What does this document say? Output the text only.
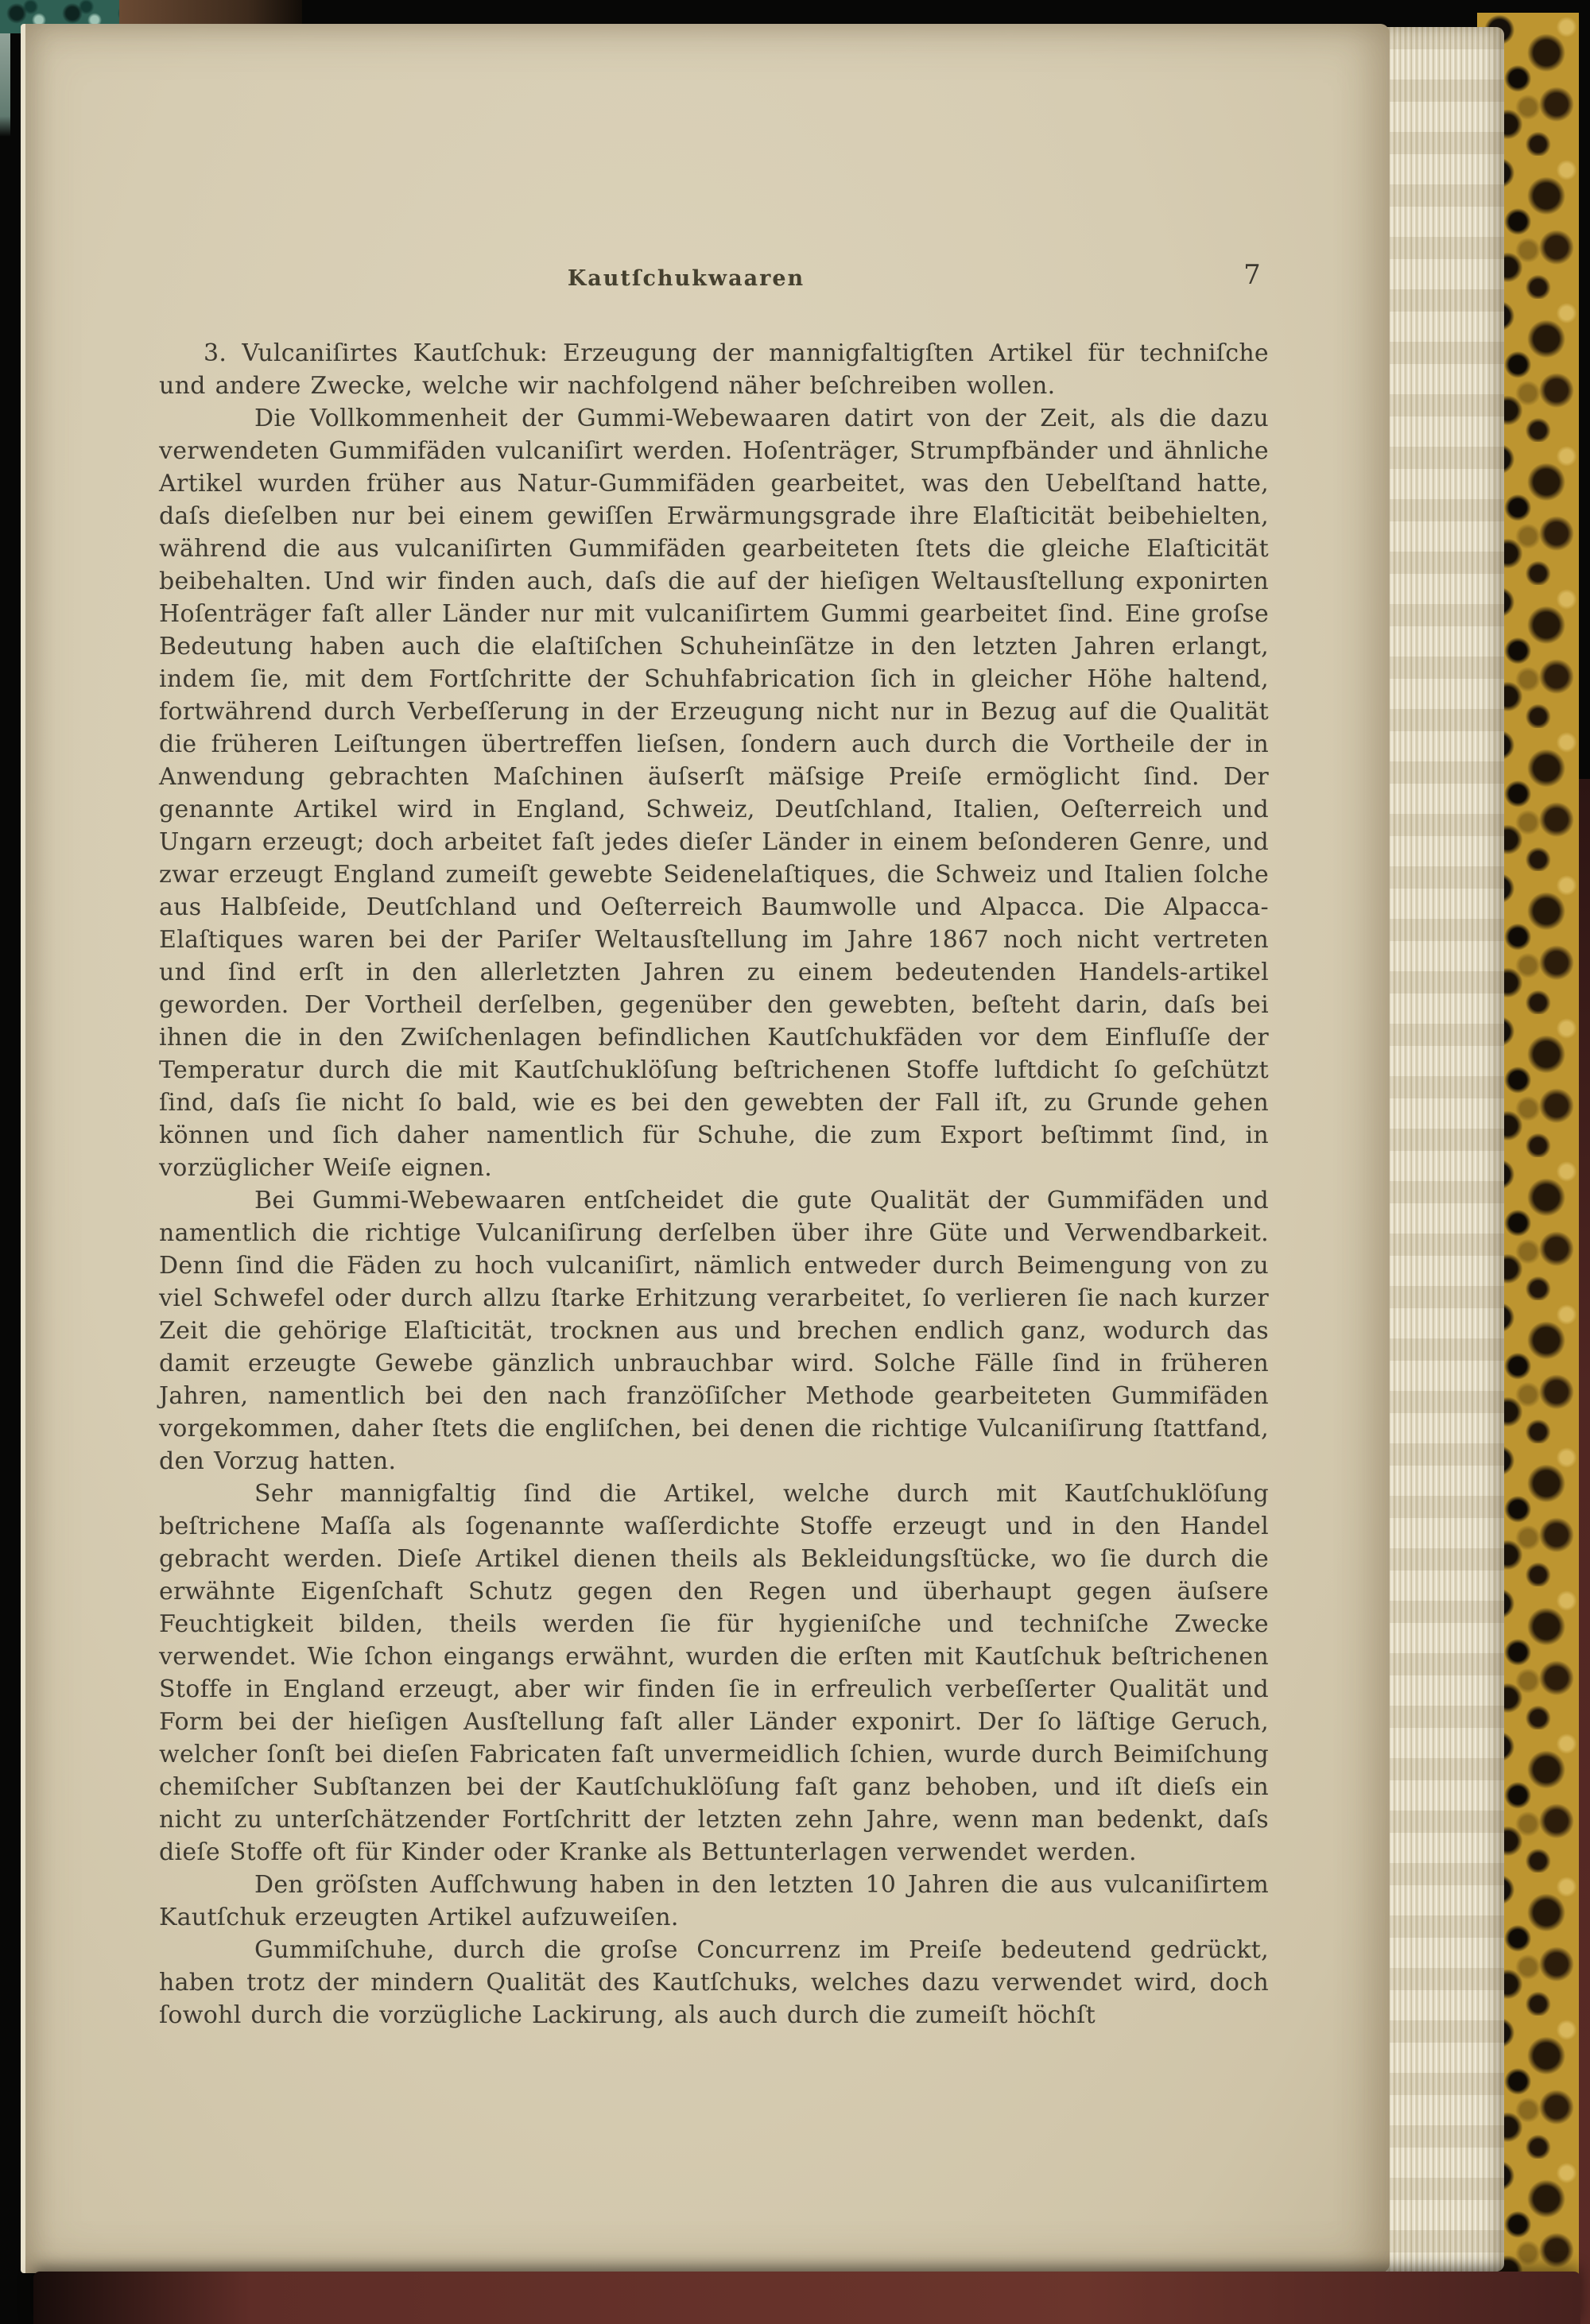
Kautſchukwaaren	7

3. Vulcaniſirtes Kautſchuk: Erzeugung der mannigfaltigſten Artikel für techniſche und andere Zwecke, welche wir nachfolgend näher beſchreiben wollen.

Die Vollkommenheit der Gummi-Webewaaren datirt von der Zeit, als die dazu verwendeten Gummifäden vulcaniſirt werden. Hoſenträger, Strumpfbänder und ähnliche Artikel wurden früher aus Natur-Gummifäden gearbeitet, was den Uebelſtand hatte, daſs dieſelben nur bei einem gewiſſen Erwärmungsgrade ihre Elaſticität beibehielten, während die aus vulcaniſirten Gummifäden gearbeiteten ſtets die gleiche Elaſticität beibehalten. Und wir finden auch, daſs die auf der hieſigen Weltausſtellung exponirten Hoſenträger faſt aller Länder nur mit vulcaniſirtem Gummi gearbeitet ſind. Eine groſse Bedeutung haben auch die elaſtiſchen Schuheinſätze in den letzten Jahren erlangt, indem ſie, mit dem Fortſchritte der Schuhfabrication ſich in gleicher Höhe haltend, fortwährend durch Verbeſſerung in der Erzeugung nicht nur in Bezug auf die Qualität die früheren Leiſtungen übertreffen lieſsen, ſondern auch durch die Vortheile der in Anwendung gebrachten Maſchinen äuſserſt mäſsige Preiſe ermöglicht ſind. Der genannte Artikel wird in England, Schweiz, Deutſchland, Italien, Oeſterreich und Ungarn erzeugt; doch arbeitet faſt jedes dieſer Länder in einem beſonderen Genre, und zwar erzeugt England zumeiſt gewebte Seidenelaſtiques, die Schweiz und Italien ſolche aus Halbſeide, Deutſchland und Oeſterreich Baumwolle und Alpacca. Die Alpacca-Elaſtiques waren bei der Pariſer Weltausſtellung im Jahre 1867 noch nicht vertreten und ſind erſt in den allerletzten Jahren zu einem bedeutenden Handels-artikel geworden. Der Vortheil derſelben, gegenüber den gewebten, beſteht darin, daſs bei ihnen die in den Zwiſchenlagen befindlichen Kautſchukfäden vor dem Einfluſſe der Temperatur durch die mit Kautſchuklöſung beſtrichenen Stoffe luftdicht ſo geſchützt ſind, daſs ſie nicht ſo bald, wie es bei den gewebten der Fall iſt, zu Grunde gehen können und ſich daher namentlich für Schuhe, die zum Export beſtimmt ſind, in vorzüglicher Weiſe eignen.

Bei Gummi-Webewaaren entſcheidet die gute Qualität der Gummifäden und namentlich die richtige Vulcaniſirung derſelben über ihre Güte und Verwendbarkeit. Denn ſind die Fäden zu hoch vulcaniſirt, nämlich entweder durch Beimengung von zu viel Schwefel oder durch allzu ſtarke Erhitzung verarbeitet, ſo verlieren ſie nach kurzer Zeit die gehörige Elaſticität, trocknen aus und brechen endlich ganz, wodurch das damit erzeugte Gewebe gänzlich unbrauchbar wird. Solche Fälle ſind in früheren Jahren, namentlich bei den nach franzöſiſcher Methode gearbeiteten Gummifäden vorgekommen, daher ſtets die engliſchen, bei denen die richtige Vulcaniſirung ſtattfand, den Vorzug hatten.

Sehr mannigfaltig ſind die Artikel, welche durch mit Kautſchuklöſung beſtrichene Maſſa als ſogenannte waſſerdichte Stoffe erzeugt und in den Handel gebracht werden. Dieſe Artikel dienen theils als Bekleidungsſtücke, wo ſie durch die erwähnte Eigenſchaft Schutz gegen den Regen und überhaupt gegen äuſsere Feuchtigkeit bilden, theils werden ſie für hygieniſche und techniſche Zwecke verwendet. Wie ſchon eingangs erwähnt, wurden die erſten mit Kautſchuk beſtrichenen Stoffe in England erzeugt, aber wir finden ſie in erfreulich verbeſſerter Qualität und Form bei der hieſigen Ausſtellung faſt aller Länder exponirt. Der ſo läſtige Geruch, welcher ſonſt bei dieſen Fabricaten faſt unvermeidlich ſchien, wurde durch Beimiſchung chemiſcher Subſtanzen bei der Kautſchuklöſung faſt ganz behoben, und iſt dieſs ein nicht zu unterſchätzender Fortſchritt der letzten zehn Jahre, wenn man bedenkt, daſs dieſe Stoffe oft für Kinder oder Kranke als Bettunterlagen verwendet werden.

Den gröſsten Aufſchwung haben in den letzten 10 Jahren die aus vulcaniſirtem Kautſchuk erzeugten Artikel aufzuweiſen.

Gummiſchuhe, durch die groſse Concurrenz im Preiſe bedeutend gedrückt, haben trotz der mindern Qualität des Kautſchuks, welches dazu verwendet wird, doch ſowohl durch die vorzügliche Lackirung, als auch durch die zumeiſt höchſt
